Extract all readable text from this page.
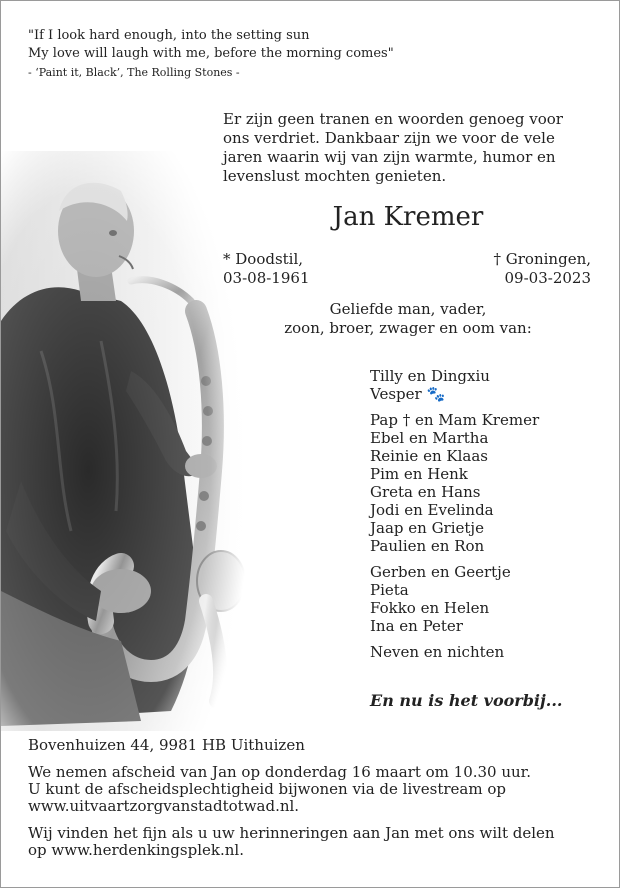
"If I look hard enough, into the setting sun
My love will laugh with me, before the morning comes"
- ‘Paint it, Black’, The Rolling Stones -
Er zijn geen tranen en woorden genoeg voor
ons verdriet. Dankbaar zijn we voor de vele
jaren waarin wij van zijn warmte, humor en
levenslust mochten genieten.
Jan Kremer
* Doodstil,
03-08-1961
† Groningen,
09-03-2023
Geliefde man, vader,
zoon, broer, zwager en oom van:
Tilly en Dingxiu
Vesper 🐾
Pap † en Mam Kremer
Ebel en Martha
Reinie en Klaas
Pim en Henk
Greta en Hans
Jodi en Evelinda
Jaap en Grietje
Paulien en Ron
Gerben en Geertje
Pieta
Fokko en Helen
Ina en Peter
Neven en nichten
En nu is het voorbij...

Bovenhuizen 44, 9981 HB Uithuizen

We nemen afscheid van Jan op donderdag 16 maart om 10.30 uur.
U kunt de afscheidsplechtigheid bijwonen via de livestream op
www.uitvaartzorgvanstadtotwad.nl.

Wij vinden het fijn als u uw herinneringen aan Jan met ons wilt delen
op www.herdenkingsplek.nl.
